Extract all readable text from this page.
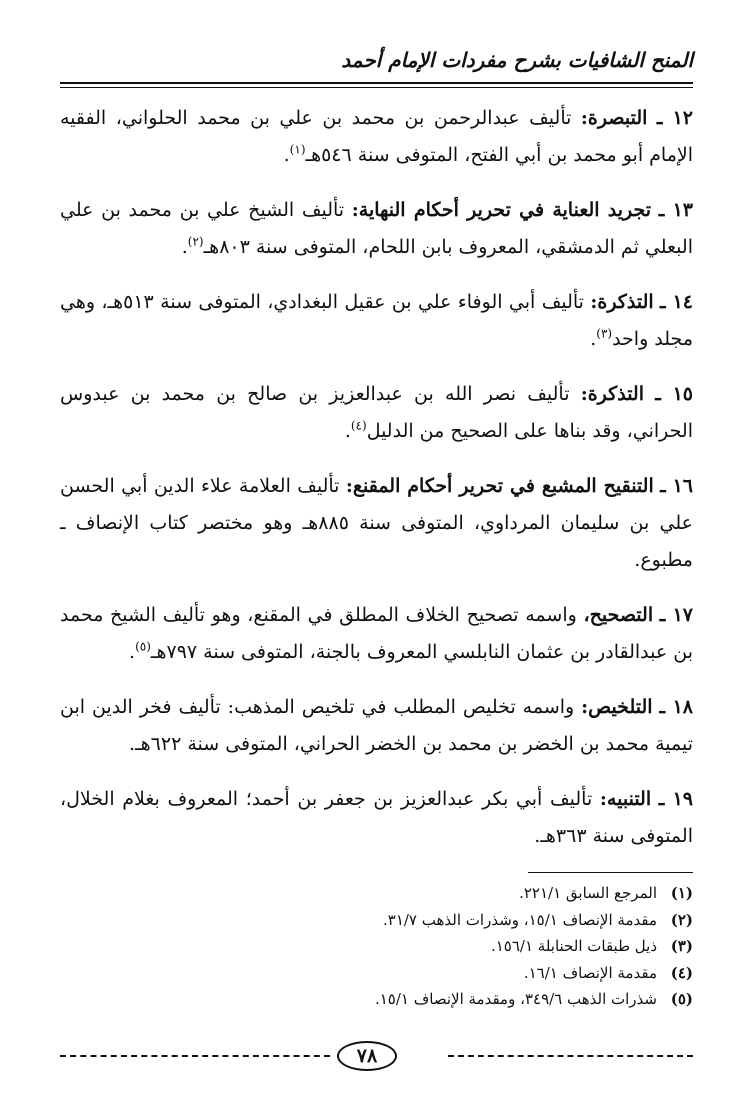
المنح الشافيات بشرح مفردات الإمام أحمد

١٢ ـ التبصرة: تأليف عبدالرحمن بن محمد بن علي بن محمد الحلواني، الفقيه الإمام أبو محمد بن أبي الفتح، المتوفى سنة ٥٤٦هـ$^{(١)}$.

١٣ ـ تجريد العناية في تحرير أحكام النهاية: تأليف الشيخ علي بن محمد بن علي البعلي ثم الدمشقي، المعروف بابن اللحام، المتوفى سنة ٨٠٣هـ$^{(٢)}$.

١٤ ـ التذكرة: تأليف أبي الوفاء علي بن عقيل البغدادي، المتوفى سنة ٥١٣هـ، وهي مجلد واحد$^{(٣)}$.

١٥ ـ التذكرة: تأليف نصر الله بن عبدالعزيز بن صالح بن محمد بن عبدوس الحراني، وقد بناها على الصحيح من الدليل$^{(٤)}$.

١٦ ـ التنقيح المشبع في تحرير أحكام المقنع: تأليف العلامة علاء الدين أبي الحسن علي بن سليمان المرداوي، المتوفى سنة ٨٨٥هـ وهو مختصر كتاب الإنصاف ـ مطبوع.

١٧ ـ التصحيح، واسمه تصحيح الخلاف المطلق في المقنع، وهو تأليف الشيخ محمد بن عبدالقادر بن عثمان النابلسي المعروف بالجنة، المتوفى سنة ٧٩٧هـ$^{(٥)}$.

١٨ ـ التلخيص: واسمه تخليص المطلب في تلخيص المذهب: تأليف فخر الدين ابن تيمية محمد بن الخضر بن محمد بن الخضر الحراني، المتوفى سنة ٦٢٢هـ.

١٩ ـ التنبيه: تأليف أبي بكر عبدالعزيز بن جعفر بن أحمد؛ المعروف بغلام الخلال، المتوفى سنة ٣٦٣هـ.

(١)المرجع السابق ٢٢١/١.
(٢)مقدمة الإنصاف ١٥/١، وشذرات الذهب ٣١/٧.
(٣)ذيل طبقات الحنابلة ١٥٦/١.
(٤)مقدمة الإنصاف ١٦/١.
(٥)شذرات الذهب ٣٤٩/٦، ومقدمة الإنصاف ١٥/١.
٧٨
